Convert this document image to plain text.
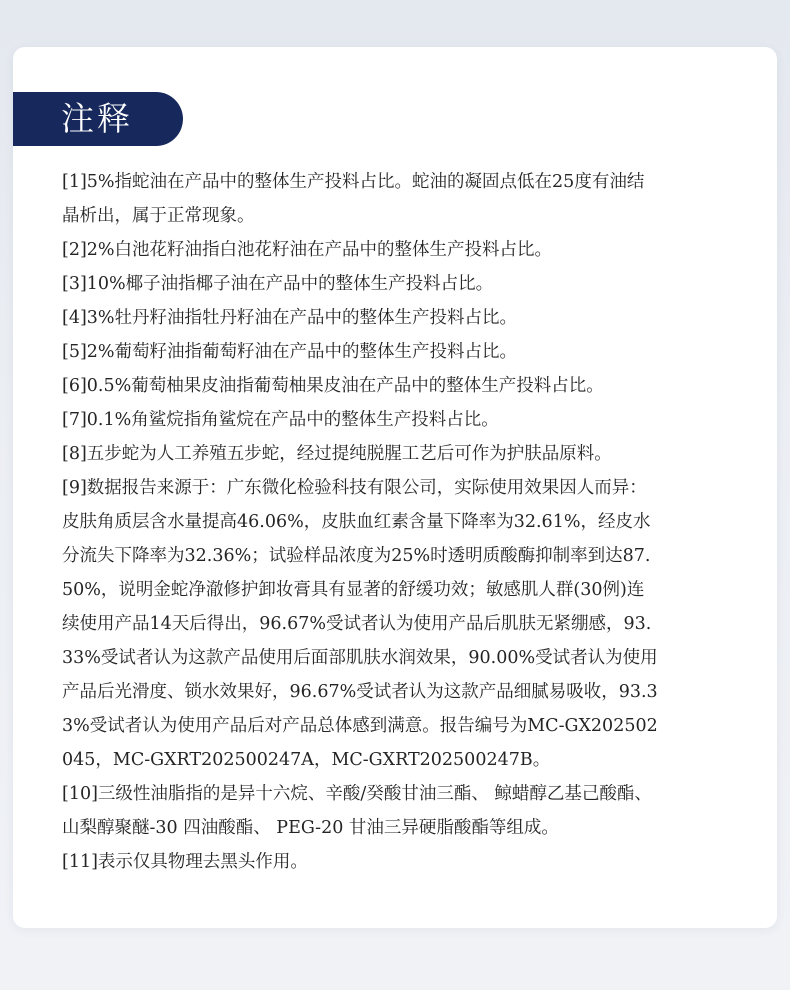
注释
[1]5%指蛇油在产品中的整体生产投料占比。蛇油的凝固点低在25度有油结
晶析出，属于正常现象。
[2]2%白池花籽油指白池花籽油在产品中的整体生产投料占比。
[3]10%椰子油指椰子油在产品中的整体生产投料占比。
[4]3%牡丹籽油指牡丹籽油在产品中的整体生产投料占比。
[5]2%葡萄籽油指葡萄籽油在产品中的整体生产投料占比。
[6]0.5%葡萄柚果皮油指葡萄柚果皮油在产品中的整体生产投料占比。
[7]0.1%角鲨烷指角鲨烷在产品中的整体生产投料占比。
[8]五步蛇为人工养殖五步蛇，经过提纯脱腥工艺后可作为护肤品原料。
[9]数据报告来源于：广东微化检验科技有限公司，实际使用效果因人而异：
皮肤角质层含水量提高46.06%，皮肤血红素含量下降率为32.61%，经皮水
分流失下降率为32.36%；试验样品浓度为25%时透明质酸酶抑制率到达87.
50%，说明金蛇净澈修护卸妆膏具有显著的舒缓功效；敏感肌人群(30例)连
续使用产品14天后得出，96.67%受试者认为使用产品后肌肤无紧绷感，93.
33%受试者认为这款产品使用后面部肌肤水润效果，90.00%受试者认为使用
产品后光滑度、锁水效果好，96.67%受试者认为这款产品细腻易吸收，93.3
3%受试者认为使用产品后对产品总体感到满意。报告编号为MC-GX202502
045，MC-GXRT202500247A，MC-GXRT202500247B。
[10]三级性油脂指的是异十六烷、辛酸/癸酸甘油三酯、 鲸蜡醇乙基己酸酯、
山梨醇聚醚-30 四油酸酯、 PEG-20 甘油三异硬脂酸酯等组成。
[11]表示仅具物理去黑头作用。
